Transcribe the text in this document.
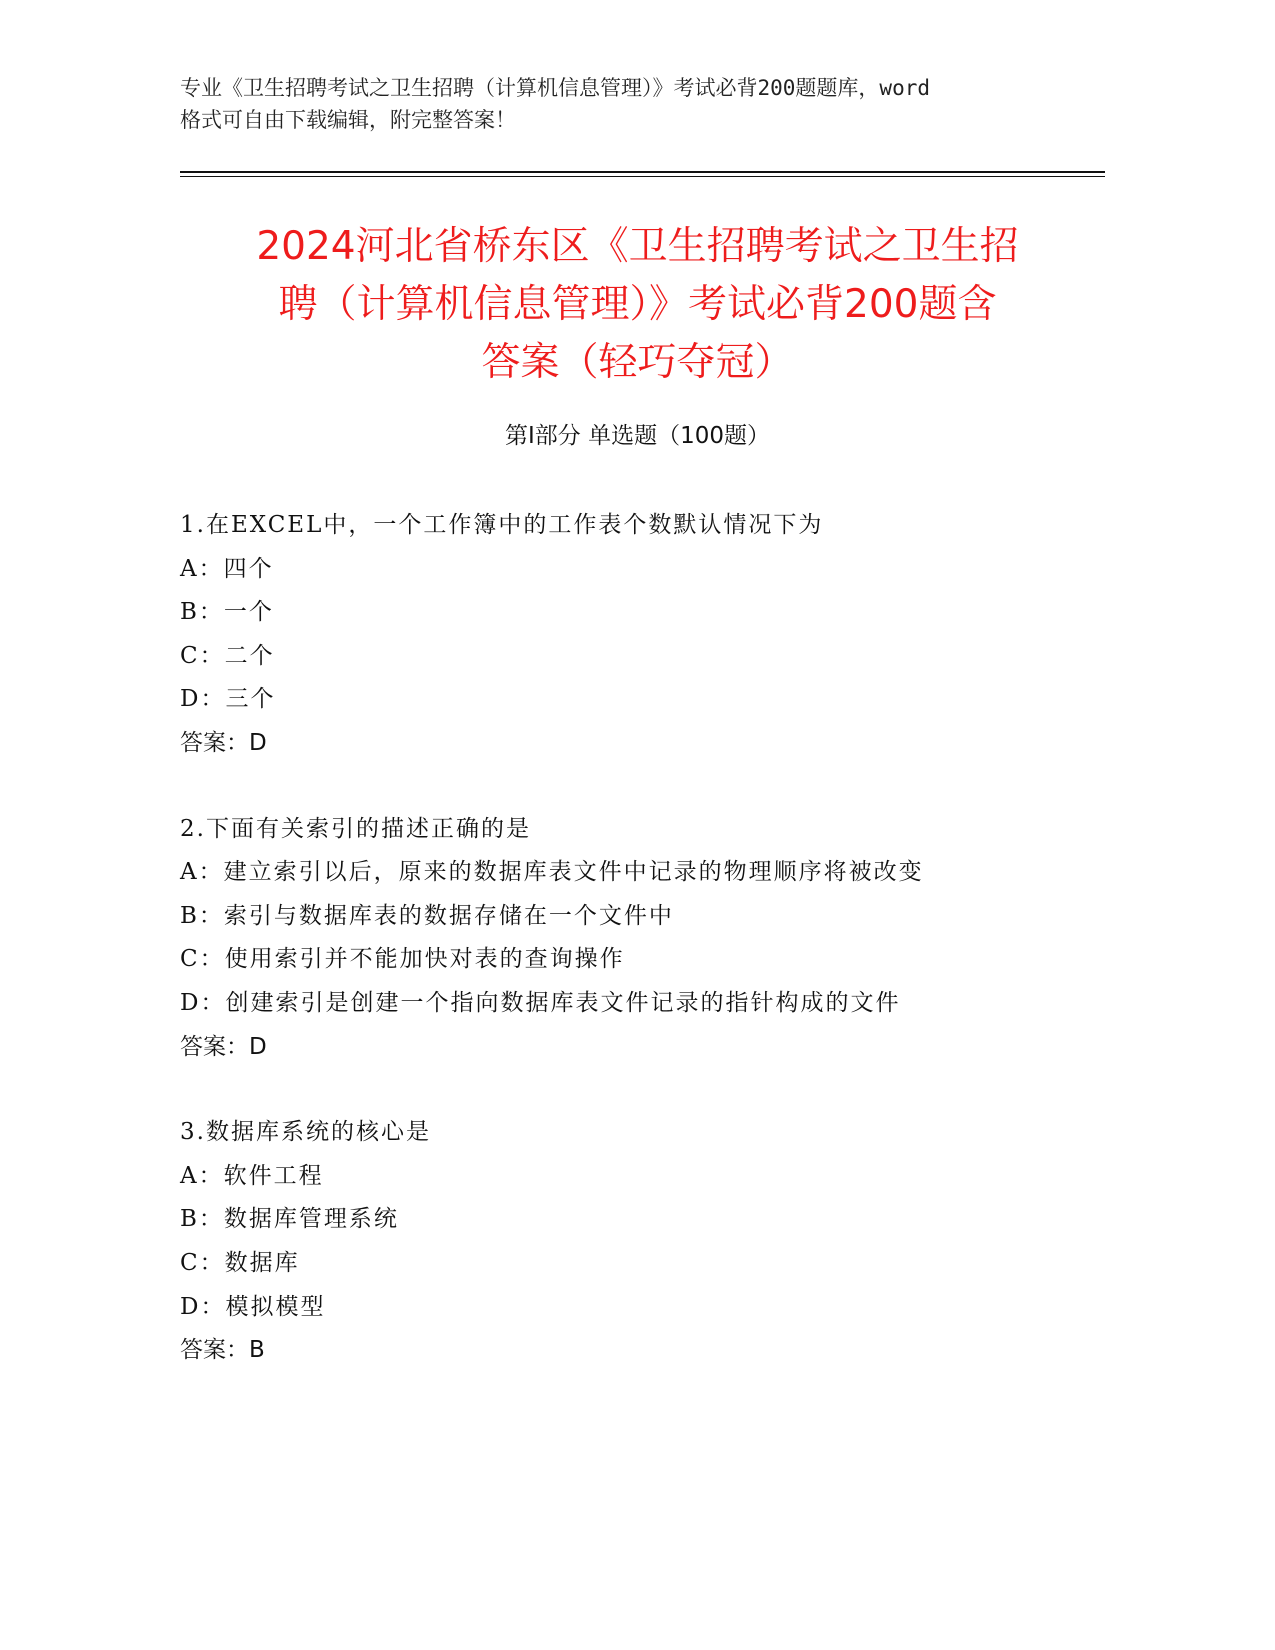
专业《卫生招聘考试之卫生招聘（计算机信息管理）》考试必背200题题库，word
格式可自由下载编辑，附完整答案！
2024河北省桥东区《卫生招聘考试之卫生招
聘（计算机信息管理）》考试必背200题含
答案（轻巧夺冠）
第Ⅰ部分 单选题（100题）
1.在EXCEL中，一个工作簿中的工作表个数默认情况下为
A：四个
B：一个
C：二个
D：三个
答案：D
2.下面有关索引的描述正确的是
A：建立索引以后，原来的数据库表文件中记录的物理顺序将被改变
B：索引与数据库表的数据存储在一个文件中
C：使用索引并不能加快对表的查询操作
D：创建索引是创建一个指向数据库表文件记录的指针构成的文件
答案：D
3.数据库系统的核心是
A：软件工程
B：数据库管理系统
C：数据库
D：模拟模型
答案：B
